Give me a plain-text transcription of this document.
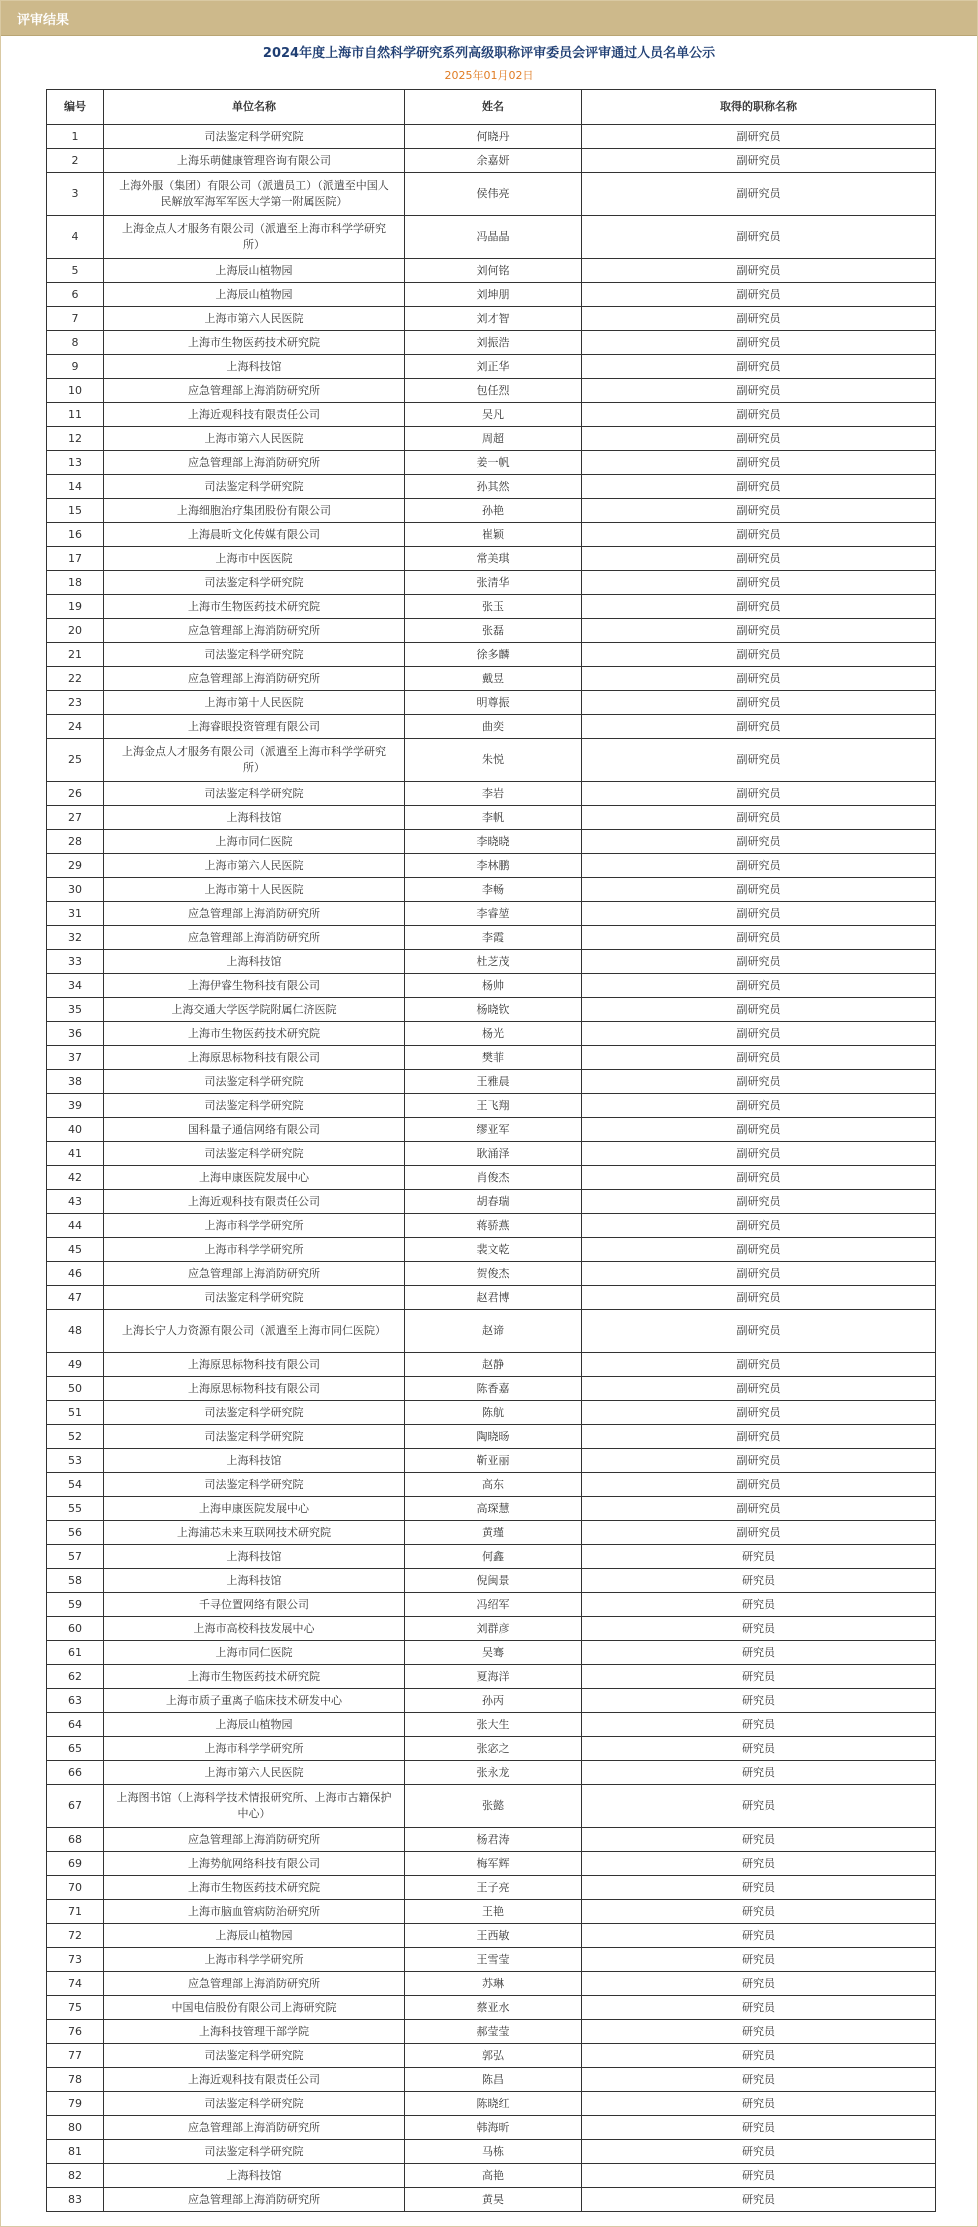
评审结果
2024年度上海市自然科学研究系列高级职称评审委员会评审通过人员名单公示
2025年01月02日
编号	单位名称	姓名	取得的职称名称
1	司法鉴定科学研究院	何晓丹	副研究员
2	上海乐萌健康管理咨询有限公司	余嘉妍	副研究员
3	上海外服（集团）有限公司（派遣员工）（派遣至中国人民解放军海军军医大学第一附属医院）	侯伟亮	副研究员
4	上海金点人才服务有限公司（派遣至上海市科学学研究所）	冯晶晶	副研究员
5	上海辰山植物园	刘何铭	副研究员
6	上海辰山植物园	刘坤朋	副研究员
7	上海市第六人民医院	刘才智	副研究员
8	上海市生物医药技术研究院	刘振浩	副研究员
9	上海科技馆	刘正华	副研究员
10	应急管理部上海消防研究所	包任烈	副研究员
11	上海近观科技有限责任公司	吴凡	副研究员
12	上海市第六人民医院	周超	副研究员
13	应急管理部上海消防研究所	姜一帆	副研究员
14	司法鉴定科学研究院	孙其然	副研究员
15	上海细胞治疗集团股份有限公司	孙艳	副研究员
16	上海晨昕文化传媒有限公司	崔颖	副研究员
17	上海市中医医院	常美琪	副研究员
18	司法鉴定科学研究院	张清华	副研究员
19	上海市生物医药技术研究院	张玉	副研究员
20	应急管理部上海消防研究所	张磊	副研究员
21	司法鉴定科学研究院	徐多麟	副研究员
22	应急管理部上海消防研究所	戴昱	副研究员
23	上海市第十人民医院	明尊振	副研究员
24	上海睿眼投资管理有限公司	曲奕	副研究员
25	上海金点人才服务有限公司（派遣至上海市科学学研究所）	朱悦	副研究员
26	司法鉴定科学研究院	李岩	副研究员
27	上海科技馆	李帆	副研究员
28	上海市同仁医院	李晓晓	副研究员
29	上海市第六人民医院	李林鹏	副研究员
30	上海市第十人民医院	李畅	副研究员
31	应急管理部上海消防研究所	李睿堃	副研究员
32	应急管理部上海消防研究所	李霞	副研究员
33	上海科技馆	杜芝茂	副研究员
34	上海伊睿生物科技有限公司	杨帅	副研究员
35	上海交通大学医学院附属仁济医院	杨晓钦	副研究员
36	上海市生物医药技术研究院	杨光	副研究员
37	上海原思标物科技有限公司	樊菲	副研究员
38	司法鉴定科学研究院	王雅晨	副研究员
39	司法鉴定科学研究院	王飞翔	副研究员
40	国科量子通信网络有限公司	缪亚军	副研究员
41	司法鉴定科学研究院	耿涌泽	副研究员
42	上海申康医院发展中心	肖俊杰	副研究员
43	上海近观科技有限责任公司	胡春瑞	副研究员
44	上海市科学学研究所	蒋骄燕	副研究员
45	上海市科学学研究所	裴文乾	副研究员
46	应急管理部上海消防研究所	贺俊杰	副研究员
47	司法鉴定科学研究院	赵君博	副研究员
48	上海长宁人力资源有限公司（派遣至上海市同仁医院）	赵谛	副研究员
49	上海原思标物科技有限公司	赵静	副研究员
50	上海原思标物科技有限公司	陈香嘉	副研究员
51	司法鉴定科学研究院	陈航	副研究员
52	司法鉴定科学研究院	陶晓旸	副研究员
53	上海科技馆	靳亚丽	副研究员
54	司法鉴定科学研究院	高东	副研究员
55	上海申康医院发展中心	高琛慧	副研究员
56	上海浦芯未来互联网技术研究院	黄瑾	副研究员
57	上海科技馆	何鑫	研究员
58	上海科技馆	倪闽景	研究员
59	千寻位置网络有限公司	冯绍军	研究员
60	上海市高校科技发展中心	刘群彦	研究员
61	上海市同仁医院	吴骞	研究员
62	上海市生物医药技术研究院	夏海洋	研究员
63	上海市质子重离子临床技术研发中心	孙丙	研究员
64	上海辰山植物园	张大生	研究员
65	上海市科学学研究所	张宓之	研究员
66	上海市第六人民医院	张永龙	研究员
67	上海图书馆（上海科学技术情报研究所、上海市古籍保护中心）	张懿	研究员
68	应急管理部上海消防研究所	杨君涛	研究员
69	上海势航网络科技有限公司	梅军辉	研究员
70	上海市生物医药技术研究院	王子亮	研究员
71	上海市脑血管病防治研究所	王艳	研究员
72	上海辰山植物园	王西敏	研究员
73	上海市科学学研究所	王雪莹	研究员
74	应急管理部上海消防研究所	苏琳	研究员
75	中国电信股份有限公司上海研究院	蔡亚水	研究员
76	上海科技管理干部学院	郝莹莹	研究员
77	司法鉴定科学研究院	郭弘	研究员
78	上海近观科技有限责任公司	陈昌	研究员
79	司法鉴定科学研究院	陈晓红	研究员
80	应急管理部上海消防研究所	韩海昕	研究员
81	司法鉴定科学研究院	马栋	研究员
82	上海科技馆	高艳	研究员
83	应急管理部上海消防研究所	黄昊	研究员
